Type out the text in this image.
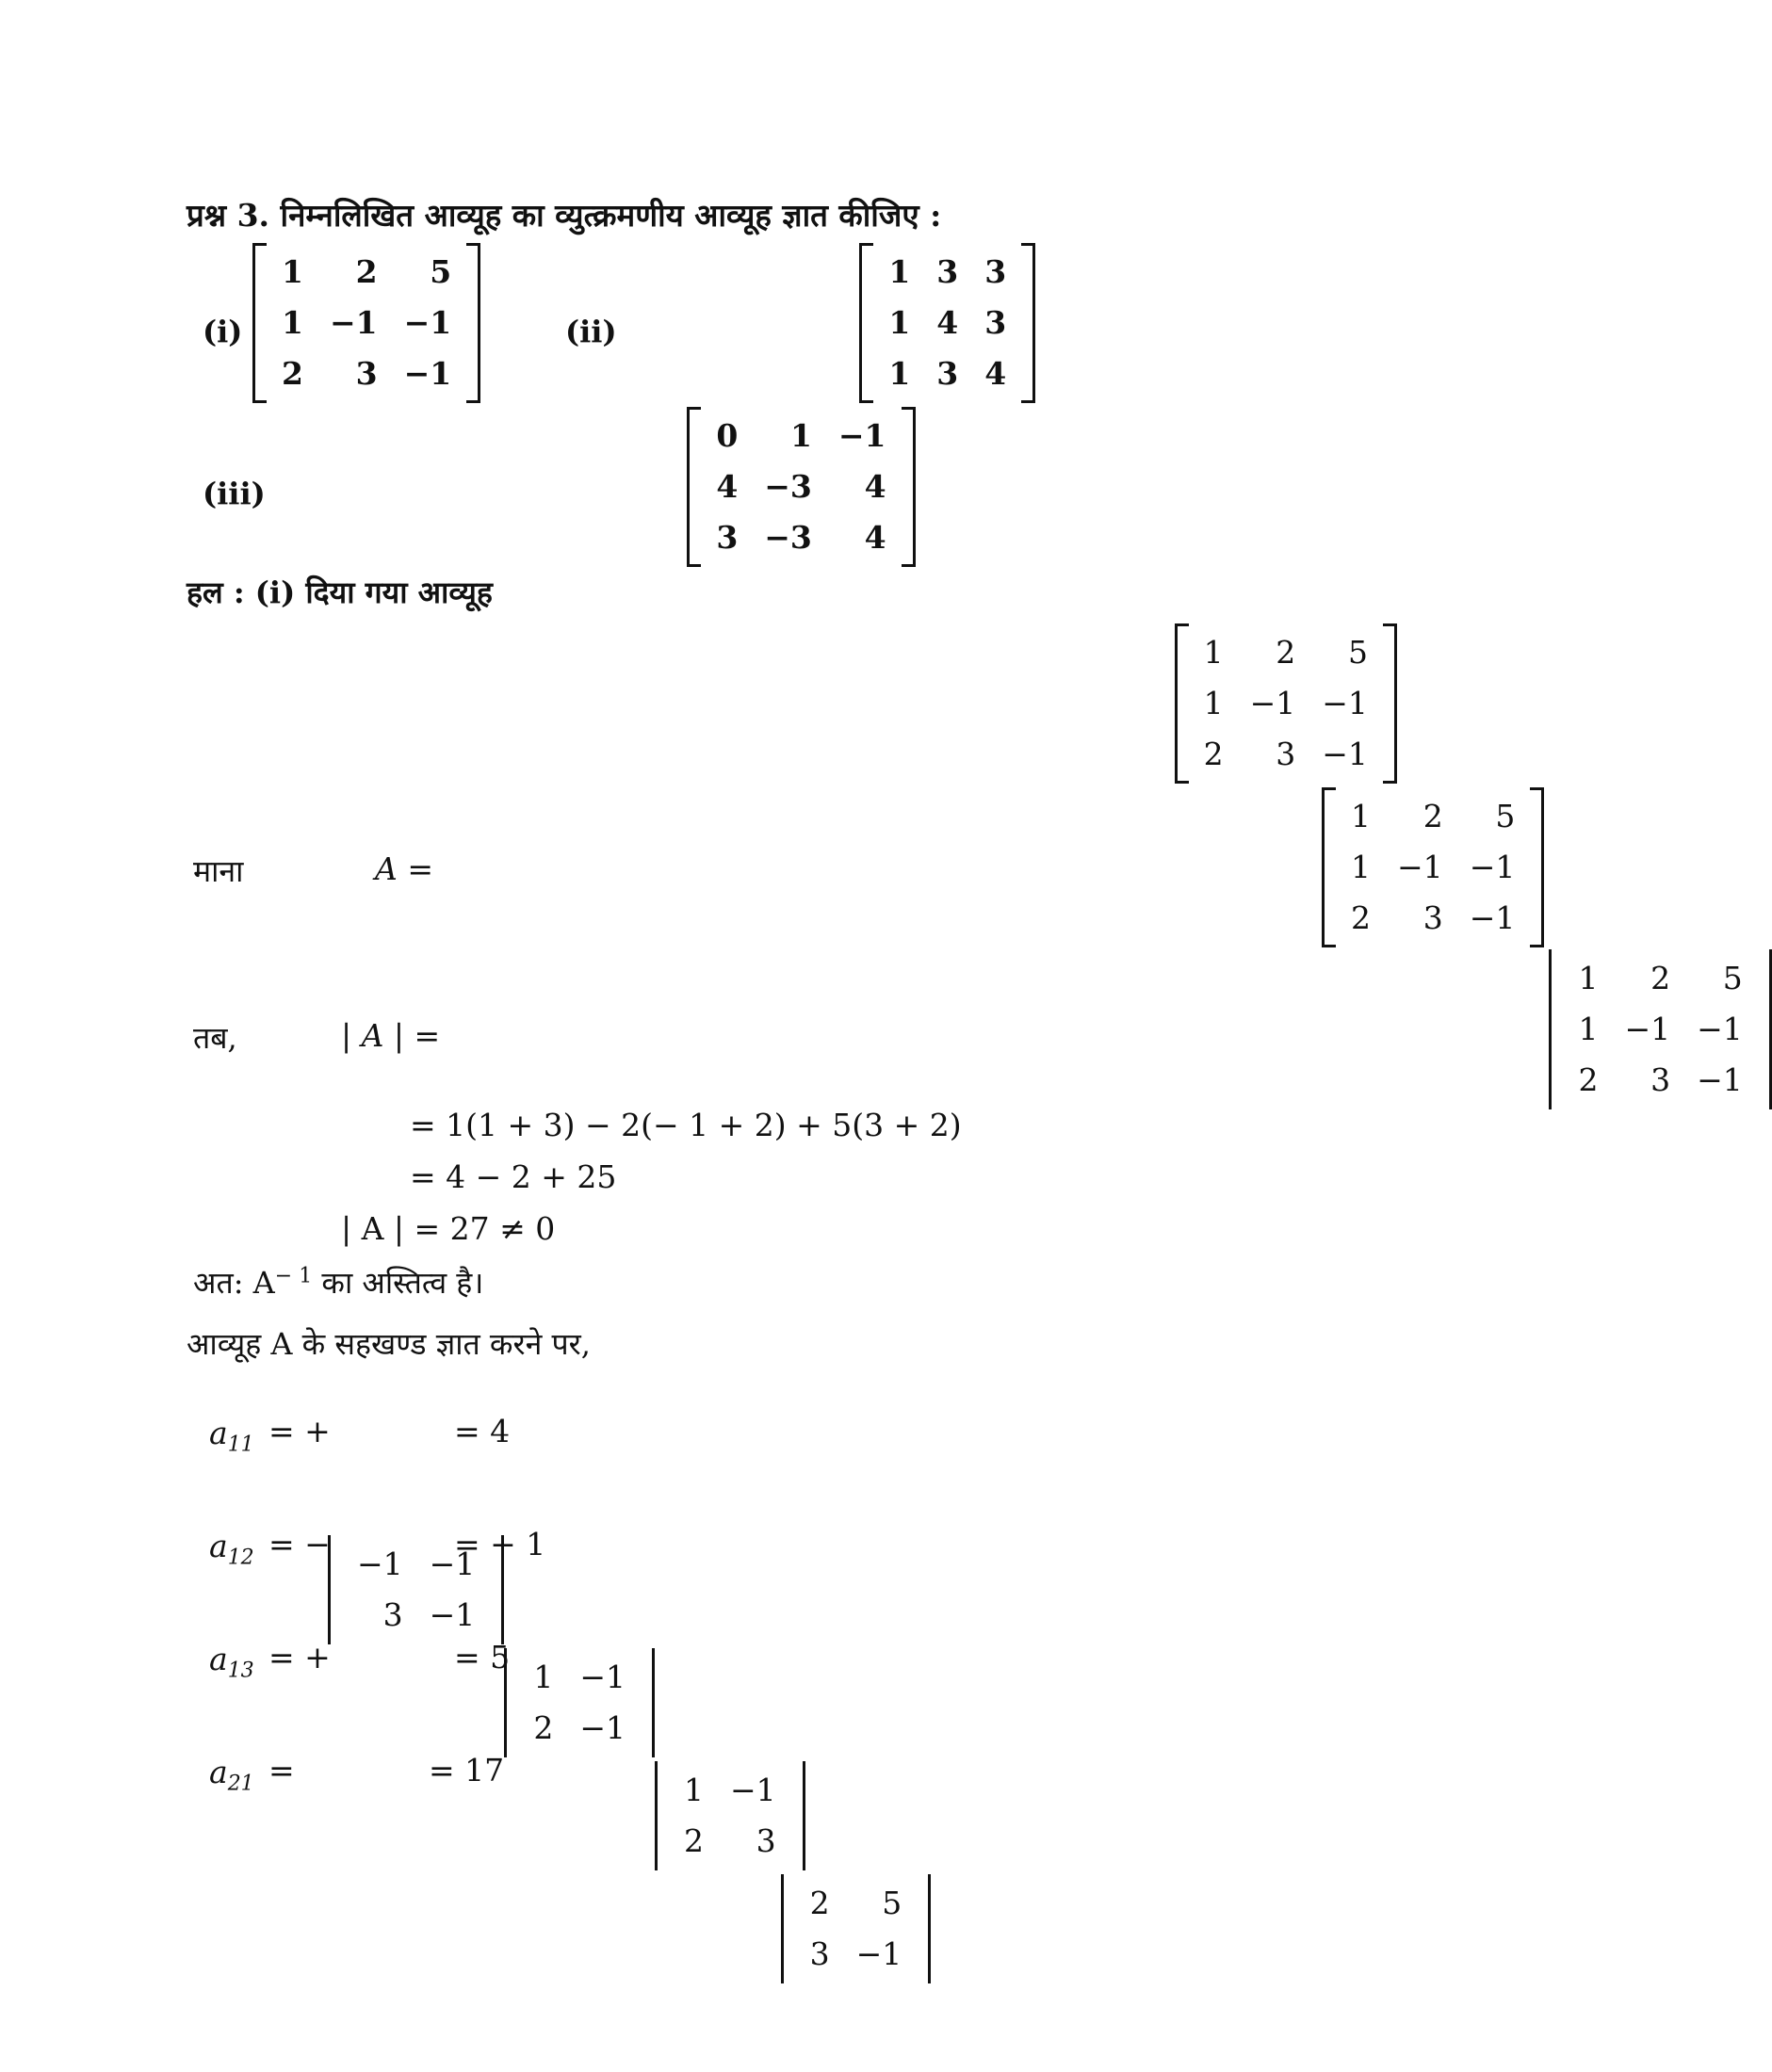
प्रश्न 3. निम्नलिखित आव्यूह का व्युत्क्रमणीय आव्यूह ज्ञात कीजिए :
(i)
1	2	5
1 −1 −1
2	3 −1

(ii)
1 3 3
1 4 3
1 3 4

(iii)
0	1 −1
4 −3	4
3 −3	4

हल : (i) दिया गया आव्यूह
1	2	5
1 −1 −1
2	3 −1

माना	A =
1	2	5
1 −1 −1
2	3 −1

तब,	| A | =
1	2	5
1 −1 −1
2	3 −1
= 1(1 + 3) − 2(− 1 + 2) + 5(3 + 2)
= 4 − 2 + 25
| A | = 27 ≠ 0
अत: $A^{- 1}$ का अस्तित्व है।
आव्यूह A के सहखण्ड ज्ञात करने पर,
$a_{11}$ = +
−1 −1
3 −1
= 4
$a_{12}$ = −
1 −1
2 −1
= − 1
$a_{13}$ = +
1 −1
2	3
= 5
$a_{21}$ =
2	5
3 −1
= 17
